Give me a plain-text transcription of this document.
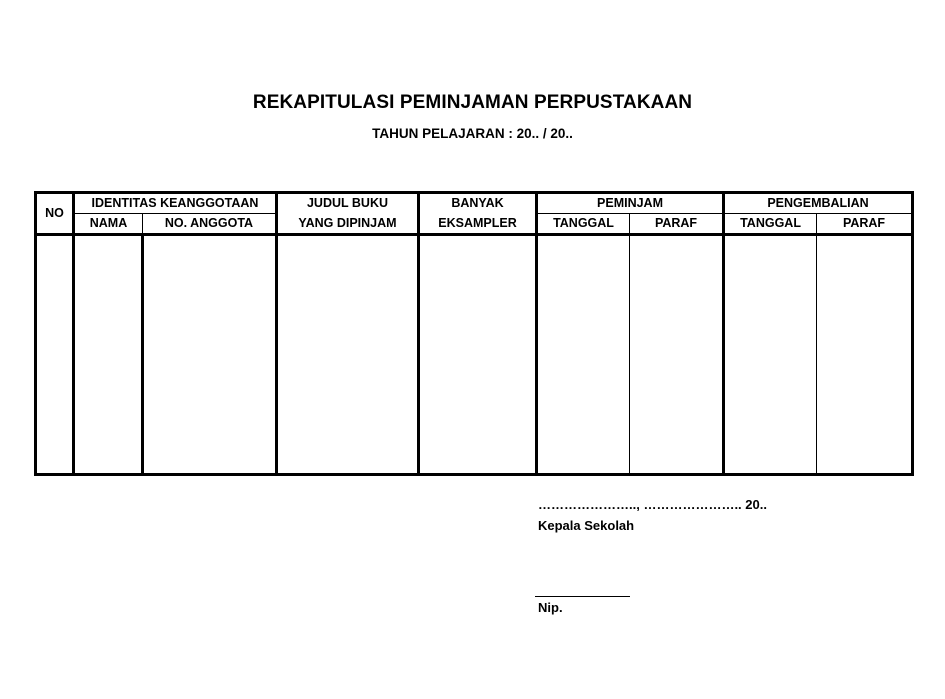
REKAPITULASI PEMINJAMAN PERPUSTAKAAN
TAHUN PELAJARAN : 20.. / 20..
NO	IDENTITAS KEANGGOTAAN		JUDUL BUKU	BANYAK	PEMINJAM		PENGEMBALIAN	
	NAMA	NO. ANGGOTA	YANG DIPINJAM	EKSAMPLER	TANGGAL	PARAF	TANGGAL	PARAF

………………….., ………………….. 20..
Kepala Sekolah
Nip.
